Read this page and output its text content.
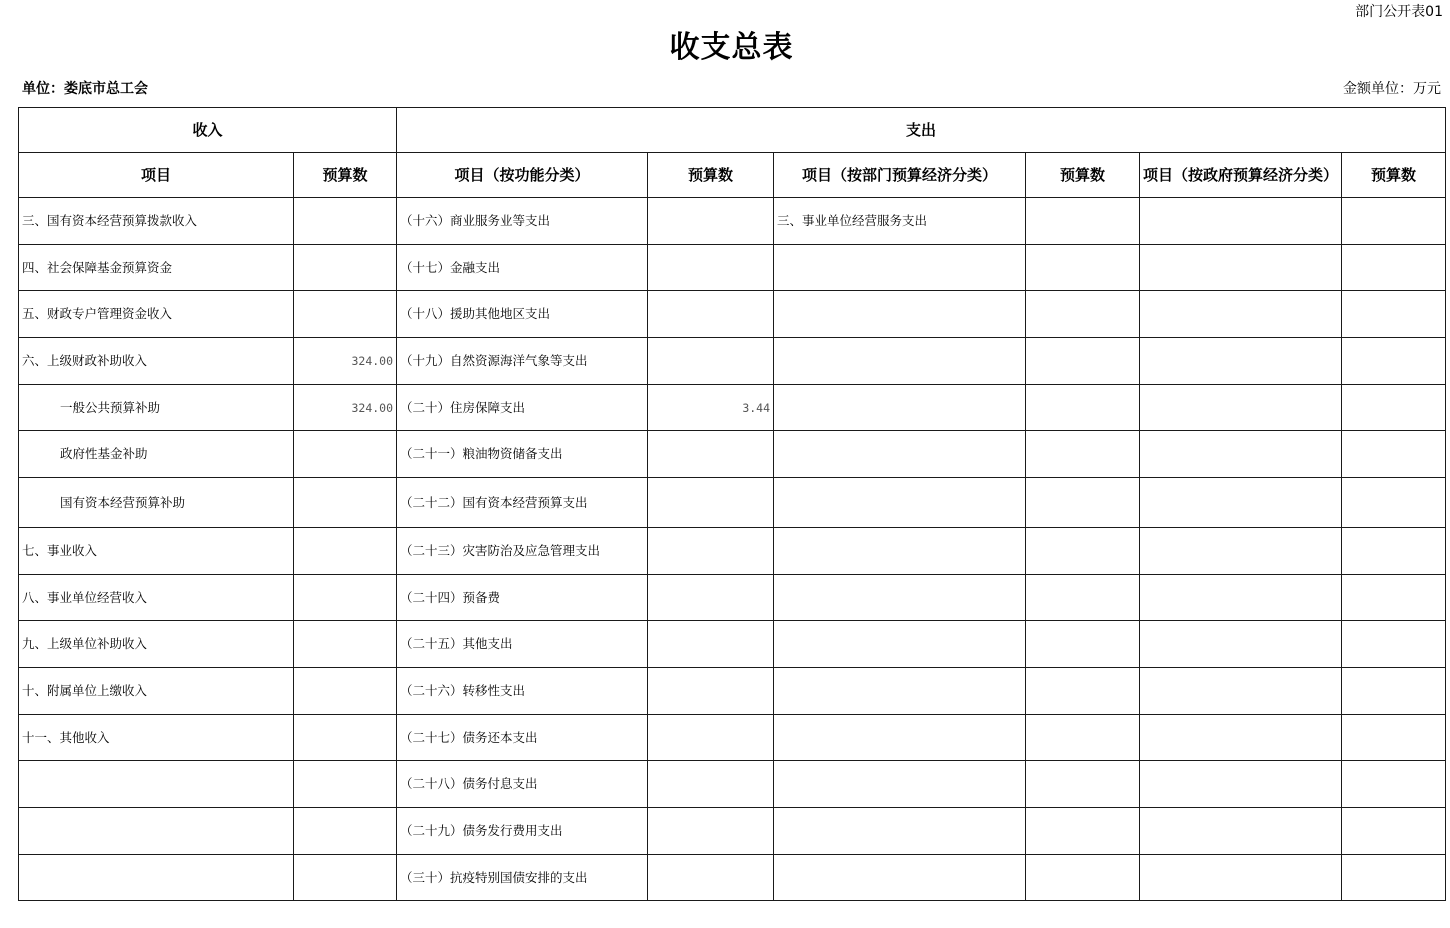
部门公开表01
收支总表
单位：娄底市总工会	金额单位：万元
收入		支出					
项目	预算数	项目（按功能分类）	预算数	项目（按部门预算经济分类）	预算数	项目（按政府预算经济分类）	预算数
三、国有资本经营预算拨款收入		（十六）商业服务业等支出		三、事业单位经营服务支出			
四、社会保障基金预算资金		（十七）金融支出					
五、财政专户管理资金收入		（十八）援助其他地区支出					
六、上级财政补助收入	324.00	（十九）自然资源海洋气象等支出					
一般公共预算补助	324.00	（二十）住房保障支出	3.44				
政府性基金补助		（二十一）粮油物资储备支出					
国有资本经营预算补助		（二十二）国有资本经营预算支出					
七、事业收入		（二十三）灾害防治及应急管理支出					
八、事业单位经营收入		（二十四）预备费					
九、上级单位补助收入		（二十五）其他支出					
十、附属单位上缴收入		（二十六）转移性支出					
十一、其他收入		（二十七）债务还本支出					
		（二十八）债务付息支出					
		（二十九）债务发行费用支出					
		（三十）抗疫特别国债安排的支出					
